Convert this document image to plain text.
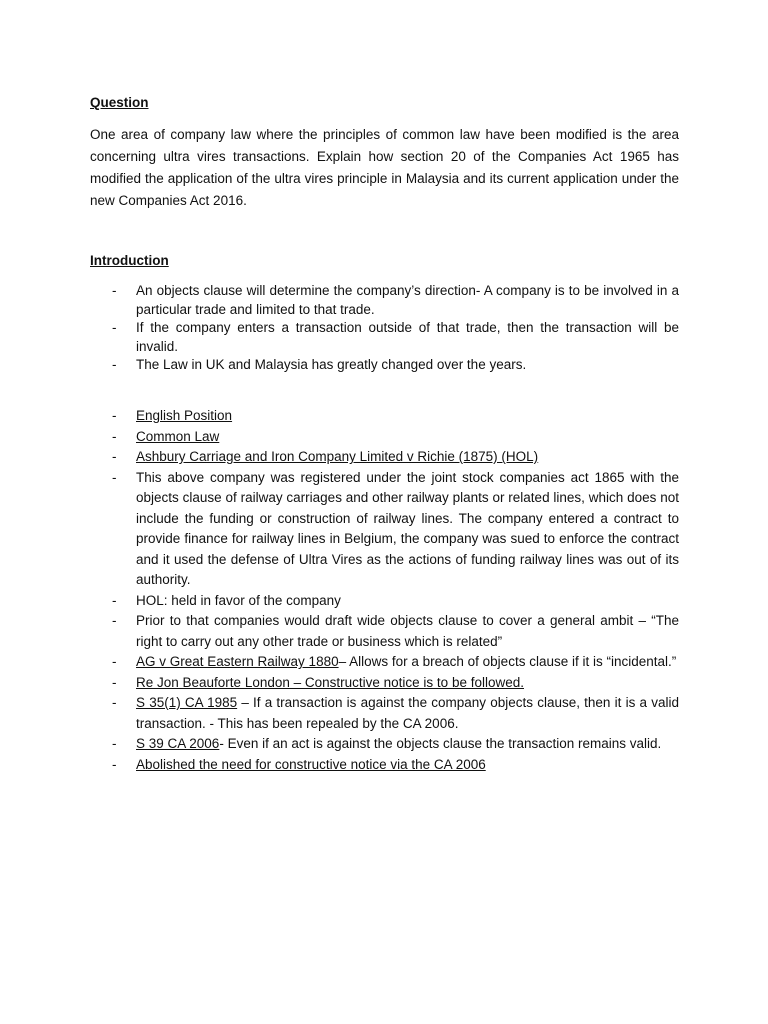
Question

One area of company law where the principles of common law have been modified is the area concerning ultra vires transactions. Explain how section 20 of the Companies Act 1965 has modified the application of the ultra vires principle in Malaysia and its current application under the new Companies Act 2016.

Introduction

- An objects clause will determine the company’s direction- A company is to be involved in a particular trade and limited to that trade.
- If the company enters a transaction outside of that trade, then the transaction will be invalid.
- The Law in UK and Malaysia has greatly changed over the years.
- English Position
- Common Law
- Ashbury Carriage and Iron Company Limited v Richie (1875) (HOL)
- This above company was registered under the joint stock companies act 1865 with the objects clause of railway carriages and other railway plants or related lines, which does not include the funding or construction of railway lines. The company entered a contract to provide finance for railway lines in Belgium, the company was sued to enforce the contract and it used the defense of Ultra Vires as the actions of funding railway lines was out of its authority.
- HOL: held in favor of the company
- Prior to that companies would draft wide objects clause to cover a general ambit – “The right to carry out any other trade or business which is related”
- AG v Great Eastern Railway 1880– Allows for a breach of objects clause if it is “incidental.”
- Re Jon Beauforte London – Constructive notice is to be followed.
- S 35(1) CA 1985 – If a transaction is against the company objects clause, then it is a valid transaction. - This has been repealed by the CA 2006.
- S 39 CA 2006- Even if an act is against the objects clause the transaction remains valid.
- Abolished the need for constructive notice via the CA 2006
